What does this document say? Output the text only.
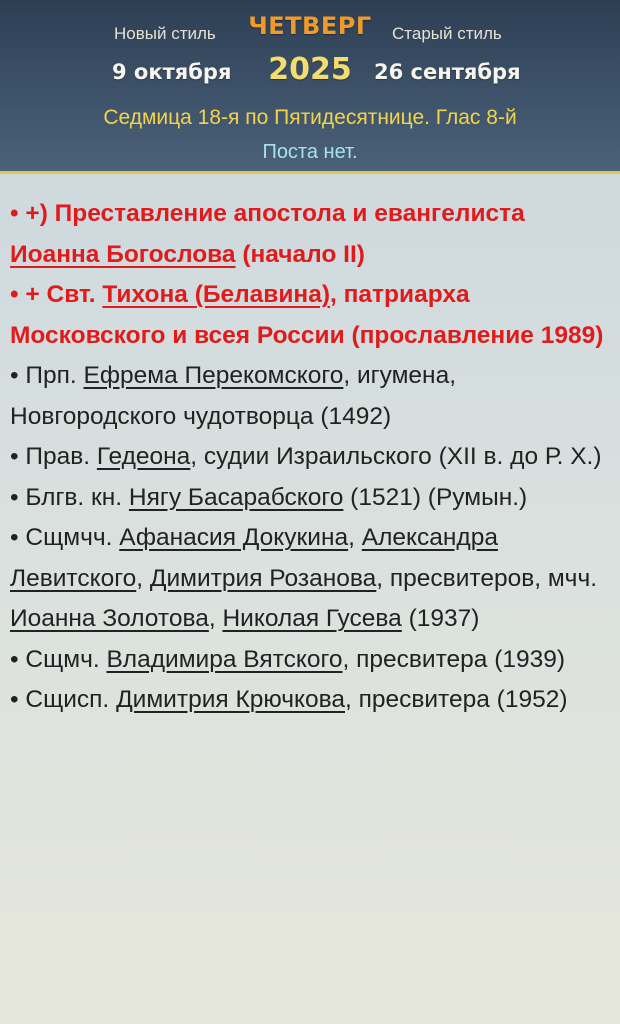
Новый стиль	ЧЕТВЕРГ	Старый стиль
9 октября	2025	26 сентября
Седмица 18-я по Пятидесятнице. Глас 8-й
Поста нет.

• +) Преставление апостола и евангелиста Иоанна Богослова (начало II)

• + Свт. Тихона (Белавина), патриарха Московского и всея России (прославление 1989)

• Прп. Ефрема Перекомского, игумена, Новгородского чудотворца (1492)

• Прав. Гедеона, судии Израильского (XII в. до Р. Х.)

• Блгв. кн. Нягу Басарабского (1521) (Румын.)

• Сщмчч. Афанасия Докукина, Александра Левитского, Димитрия Розанова, пресвитеров, мчч. Иоанна Золотова, Николая Гусева (1937)

• Сщмч. Владимира Вятского, пресвитера (1939)

• Сщисп. Димитрия Крючкова, пресвитера (1952)
